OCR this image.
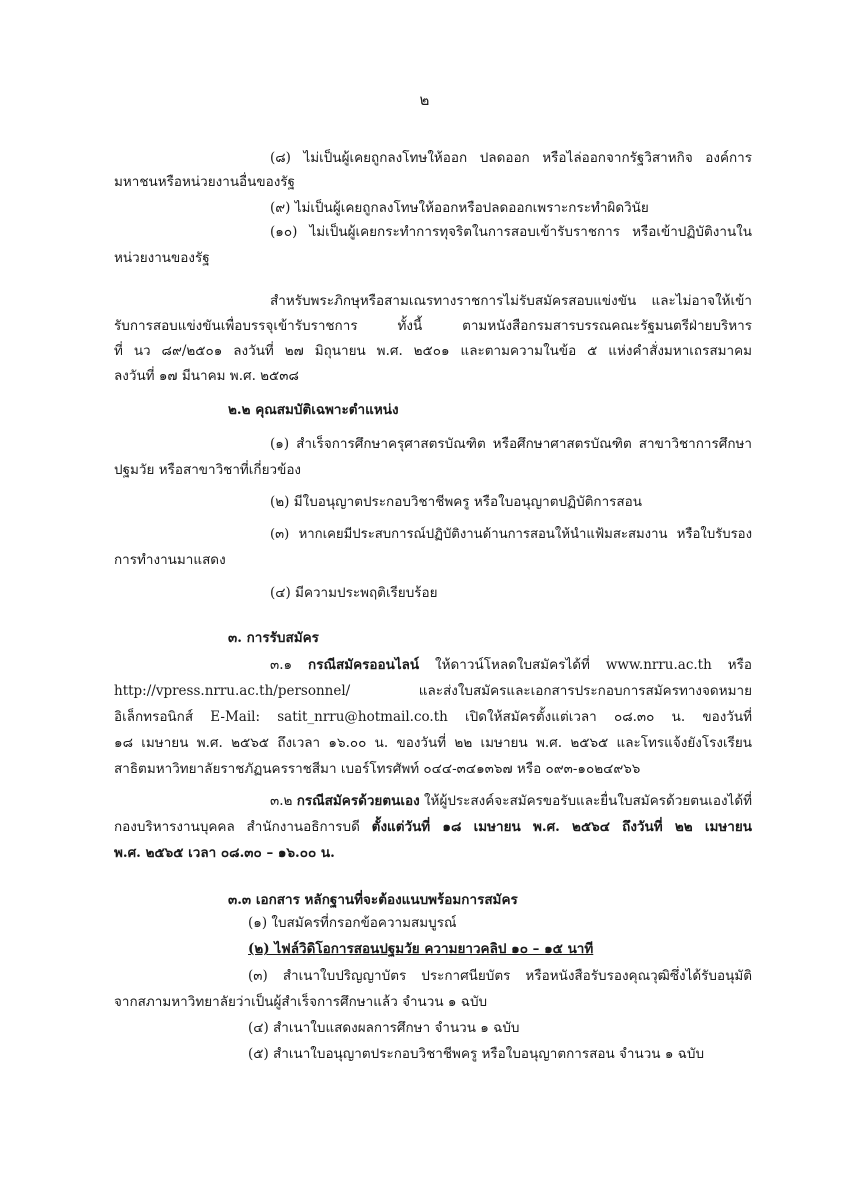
๒
(๘) ไม่เป็นผู้เคยถูกลงโทษให้ออก ปลดออก หรือไล่ออกจากรัฐวิสาหกิจ องค์การ
มหาชนหรือหน่วยงานอื่นของรัฐ
(๙) ไม่เป็นผู้เคยถูกลงโทษให้ออกหรือปลดออกเพราะกระทำผิดวินัย
(๑๐) ไม่เป็นผู้เคยกระทำการทุจริตในการสอบเข้ารับราชการ หรือเข้าปฏิบัติงานใน
หน่วยงานของรัฐ
สำหรับพระภิกษุหรือสามเณรทางราชการไม่รับสมัครสอบแข่งขัน และไม่อาจให้เข้า
รับการสอบแข่งขันเพื่อบรรจุเข้ารับราชการ ทั้งนี้ ตามหนังสือกรมสารบรรณคณะรัฐมนตรีฝ่ายบริหาร
ที่ นว ๘๙/๒๕๐๑ ลงวันที่ ๒๗ มิถุนายน พ.ศ. ๒๕๐๑ และตามความในข้อ ๕ แห่งคำสั่งมหาเถรสมาคม
ลงวันที่ ๑๗ มีนาคม พ.ศ. ๒๕๓๘
๒.๒ คุณสมบัติเฉพาะตำแหน่ง
(๑) สำเร็จการศึกษาครุศาสตรบัณฑิต หรือศึกษาศาสตรบัณฑิต สาขาวิชาการศึกษา
ปฐมวัย หรือสาขาวิชาที่เกี่ยวข้อง
(๒) มีใบอนุญาตประกอบวิชาชีพครู หรือใบอนุญาตปฏิบัติการสอน
(๓) หากเคยมีประสบการณ์ปฏิบัติงานด้านการสอนให้นำแฟ้มสะสมงาน หรือใบรับรอง
การทำงานมาแสดง
(๔) มีความประพฤติเรียบร้อย
๓. การรับสมัคร
๓.๑ กรณีสมัครออนไลน์ ให้ดาวน์โหลดใบสมัครได้ที่ www.nrru.ac.th หรือ
http://vpress.nrru.ac.th/personnel/ และส่งใบสมัครและเอกสารประกอบการสมัครทางจดหมาย
อิเล็กทรอนิกส์ E-Mail: satit_nrru@hotmail.co.th เปิดให้สมัครตั้งแต่เวลา ๐๘.๓๐ น. ของวันที่
๑๘ เมษายน พ.ศ. ๒๕๖๕ ถึงเวลา ๑๖.๐๐ น. ของวันที่ ๒๒ เมษายน พ.ศ. ๒๕๖๕ และโทรแจ้งยังโรงเรียน
สาธิตมหาวิทยาลัยราชภัฏนครราชสีมา เบอร์โทรศัพท์ ๐๔๔-๓๔๑๓๖๗ หรือ ๐๙๓-๑๐๒๔๙๖๖
๓.๒ กรณีสมัครด้วยตนเอง ให้ผู้ประสงค์จะสมัครขอรับและยื่นใบสมัครด้วยตนเองได้ที่
กองบริหารงานบุคคล สำนักงานอธิการบดี ตั้งแต่วันที่ ๑๘ เมษายน พ.ศ. ๒๕๖๔ ถึงวันที่ ๒๒ เมษายน
พ.ศ. ๒๕๖๕ เวลา ๐๘.๓๐ – ๑๖.๐๐ น.
๓.๓ เอกสาร หลักฐานที่จะต้องแนบพร้อมการสมัคร
(๑) ใบสมัครที่กรอกข้อความสมบูรณ์
(๒) ไฟล์วิดิโอการสอนปฐมวัย ความยาวคลิป ๑๐ – ๑๕ นาที
(๓) สำเนาใบปริญญาบัตร ประกาศนียบัตร หรือหนังสือรับรองคุณวุฒิซึ่งได้รับอนุมัติ
จากสภามหาวิทยาลัยว่าเป็นผู้สำเร็จการศึกษาแล้ว จำนวน ๑ ฉบับ
(๔) สำเนาใบแสดงผลการศึกษา จำนวน ๑ ฉบับ
(๕) สำเนาใบอนุญาตประกอบวิชาชีพครู หรือใบอนุญาตการสอน จำนวน ๑ ฉบับ
